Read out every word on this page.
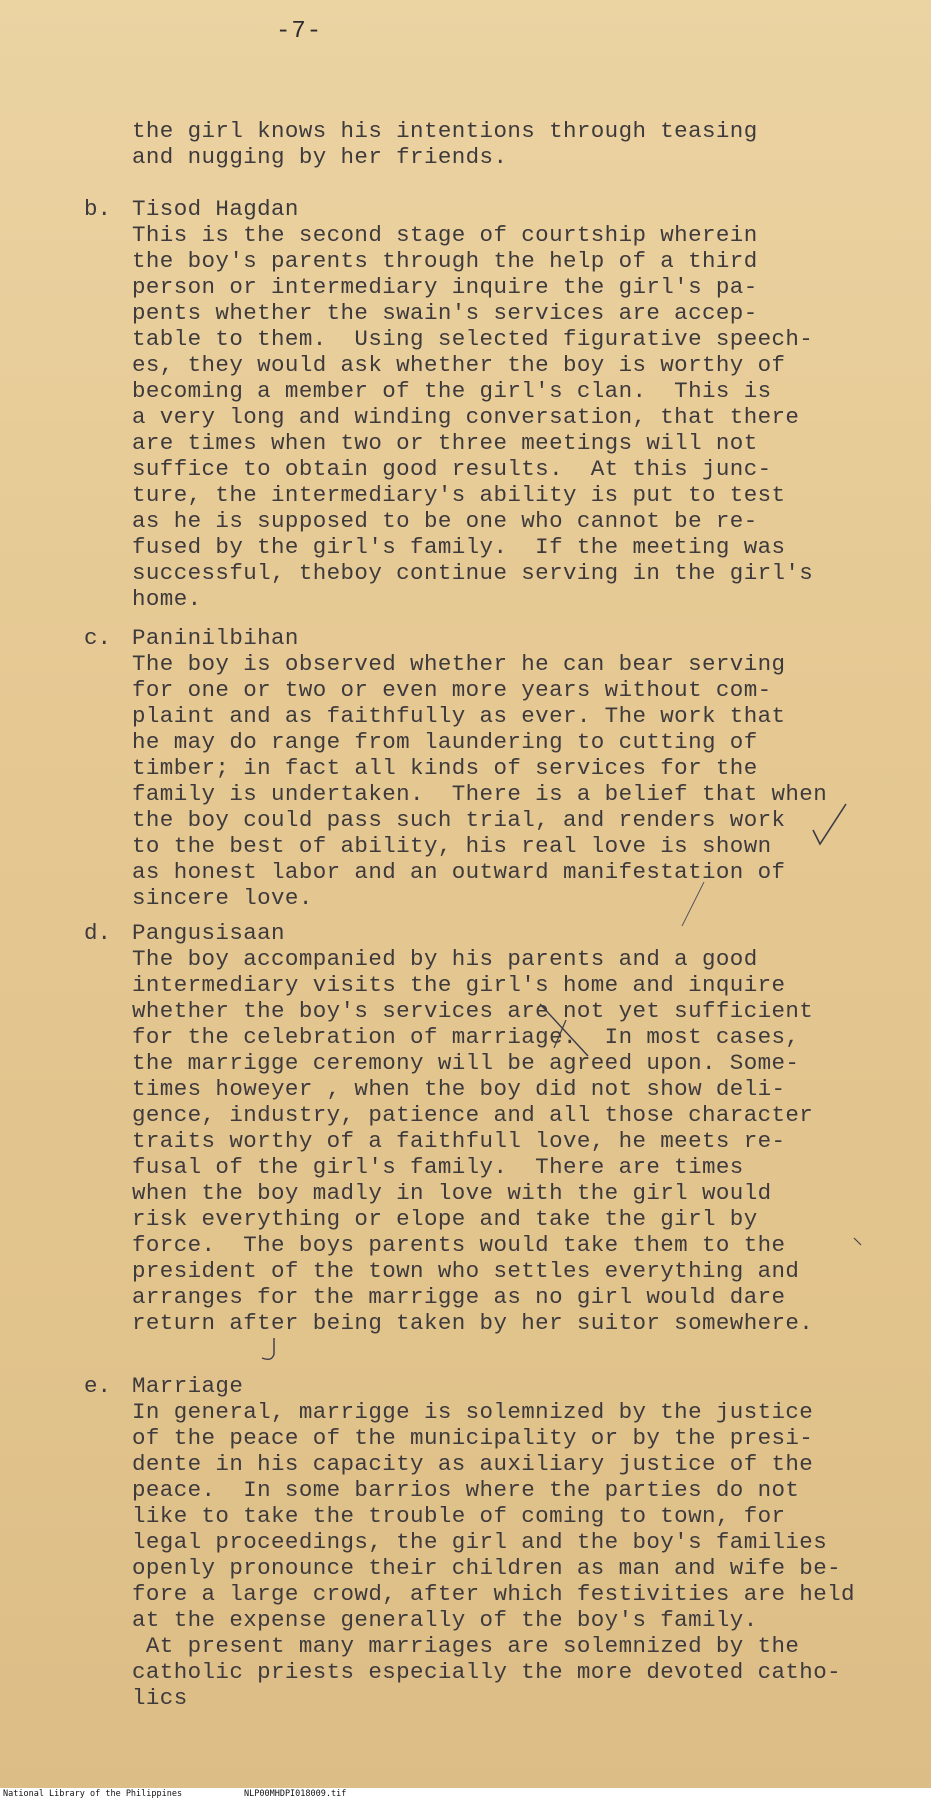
-7-
the girl knows his intentions through teasing
and nugging by her friends.
b. Tisod Hagdan
This is the second stage of courtship wherein
the boy's parents through the help of a third
person or intermediary inquire the girl's pa-
pents whether the swain's services are accep-
table to them.  Using selected figurative speech-
es, they would ask whether the boy is worthy of
becoming a member of the girl's clan.  This is
a very long and winding conversation, that there
are times when two or three meetings will not
suffice to obtain good results.  At this junc-
ture, the intermediary's ability is put to test
as he is supposed to be one who cannot be re-
fused by the girl's family.  If the meeting was
successful, theboy continue serving in the girl's
home.
c. Paninilbihan
The boy is observed whether he can bear serving
for one or two or even more years without com-
plaint and as faithfully as ever. The work that
he may do range from laundering to cutting of
timber; in fact all kinds of services for the
family is undertaken.  There is a belief that when
the boy could pass such trial, and renders work
to the best of ability, his real love is shown
as honest labor and an outward manifestation of
sincere love.
d. Pangusisaan
The boy accompanied by his parents and a good
intermediary visits the girl's home and inquire
whether the boy's services are not yet sufficient
for the celebration of marriage.  In most cases,
the marrigge ceremony will be agreed upon. Some-
times howeyer , when the boy did not show deli-
gence, industry, patience and all those character
traits worthy of a faithfull love, he meets re-
fusal of the girl's family.  There are times
when the boy madly in love with the girl would
risk everything or elope and take the girl by
force.  The boys parents would take them to the
president of the town who settles everything and
arranges for the marrigge as no girl would dare
return after being taken by her suitor somewhere.
e. Marriage
In general, marrigge is solemnized by the justice
of the peace of the municipality or by the presi-
dente in his capacity as auxiliary justice of the
peace.  In some barrios where the parties do not
like to take the trouble of coming to town, for
legal proceedings, the girl and the boy's families
openly pronounce their children as man and wife be-
fore a large crowd, after which festivities are held
at the expense generally of the boy's family.
At present many marriages are solemnized by the
catholic priests especially the more devoted catho-
lics
National Library of the Philippines	NLP00MHDPI018009.tif
